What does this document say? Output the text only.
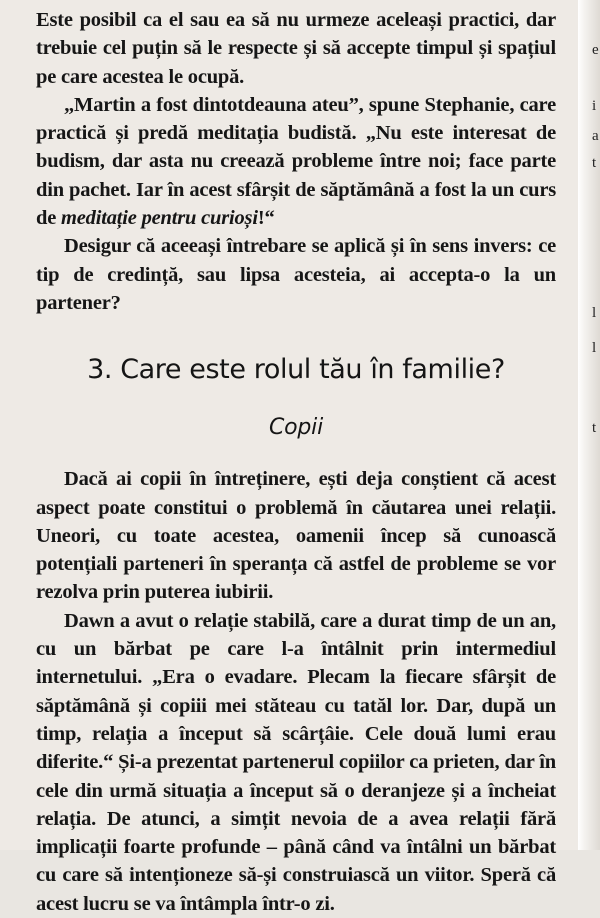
Este posibil ca el sau ea să nu urmeze aceleași practici, dar trebuie cel puțin să le respecte și să accepte timpul și spațiul pe care acestea le ocupă.

„Martin a fost dintotdeauna ateu”, spune Stephanie, care practică și predă meditația budistă. „Nu este interesat de budism, dar asta nu creează probleme între noi; face parte din pachet. Iar în acest sfârșit de săptămână a fost la un curs de meditație pentru curioși!“

Desigur că aceeași întrebare se aplică și în sens invers: ce tip de credință, sau lipsa acesteia, ai accepta-o la un partener?

3. Care este rolul tău în familie?
Copii

Dacă ai copii în întreținere, ești deja conștient că acest aspect poate constitui o problemă în căutarea unei relații. Uneori, cu toate acestea, oamenii încep să cunoască potențiali parteneri în speranța că astfel de probleme se vor rezolva prin puterea iubirii.

Dawn a avut o relație stabilă, care a durat timp de un an, cu un bărbat pe care l-a întâlnit prin intermediul internetului. „Era o evadare. Plecam la fiecare sfârșit de săptămână și copiii mei stăteau cu tatăl lor. Dar, după un timp, relația a început să scârțâie. Cele două lumi erau diferite.“ Și-a prezentat partenerul copiilor ca prieten, dar în cele din urmă situația a început să o deranjeze și a încheiat relația. De atunci, a simțit nevoia de a avea relații fără implicații foarte profunde – până când va întâlni un bărbat cu care să intenționeze să-și construiască un viitor. Speră că acest lucru se va întâmpla într-o zi.

e
i
a
t
l
l
t
